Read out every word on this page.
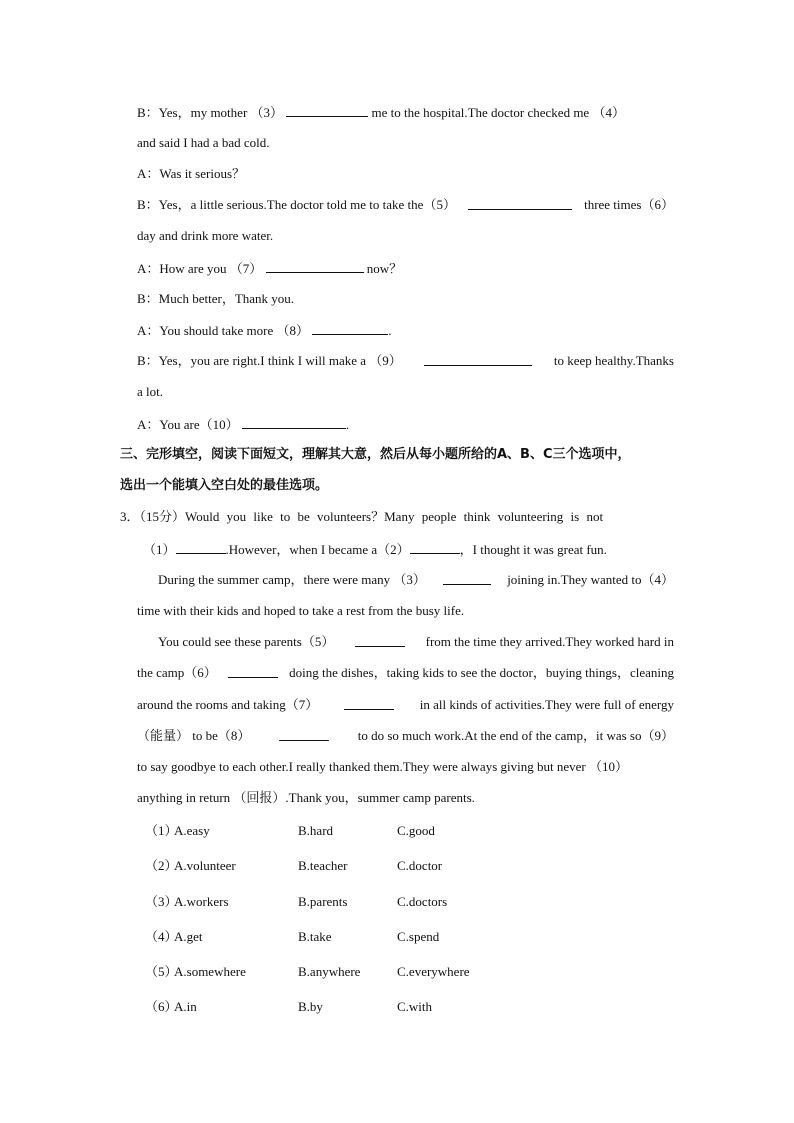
B：Yes，my mother （3）	me to the hospital.The doctor checked me （4）
and said I had a bad cold.
A：Was it serious？
B：Yes，a little serious.The doctor told me to take the（5）	three times（6）
day and drink more water.
A：How are you （7）	now？
B：Much better，Thank you.
A：You should take more （8）	.
B：Yes，you are right.I think I will make a （9）	to keep healthy.Thanks
a lot.
A：You are（10）	.
三、完形填空，阅读下面短文，理解其大意，然后从每小题所给的A、B、C三个选项中，
选出一个能填入空白处的最佳选项。
3．（15分）Would you like to be volunteers？Many people think volunteering is not
（1）	.However，when I became a（2）	，I thought it was great fun.
During the summer camp，there were many （3）	joining in.They wanted to（4）
time with their kids and hoped to take a rest from the busy life.
You could see these parents（5）	from the time they arrived.They worked hard in
the camp（6）	doing the dishes，taking kids to see the doctor，buying things，cleaning
around the rooms and taking（7）	in all kinds of activities.They were full of energy
（能量） to be（8）	to do so much work.At the end of the camp，it was so（9）
to say goodbye to each other.I really thanked them.They were always giving but never （10）
anything in return （回报）.Thank you，summer camp parents.
（1）
A.easy	B.hard	C.good
（2）
A.volunteer	B.teacher	C.doctor
（3）
A.workers	B.parents	C.doctors
（4）
A.get	B.take	C.spend
（5）
A.somewhere	B.anywhere	C.everywhere
（6）
A.in	B.by	C.with
